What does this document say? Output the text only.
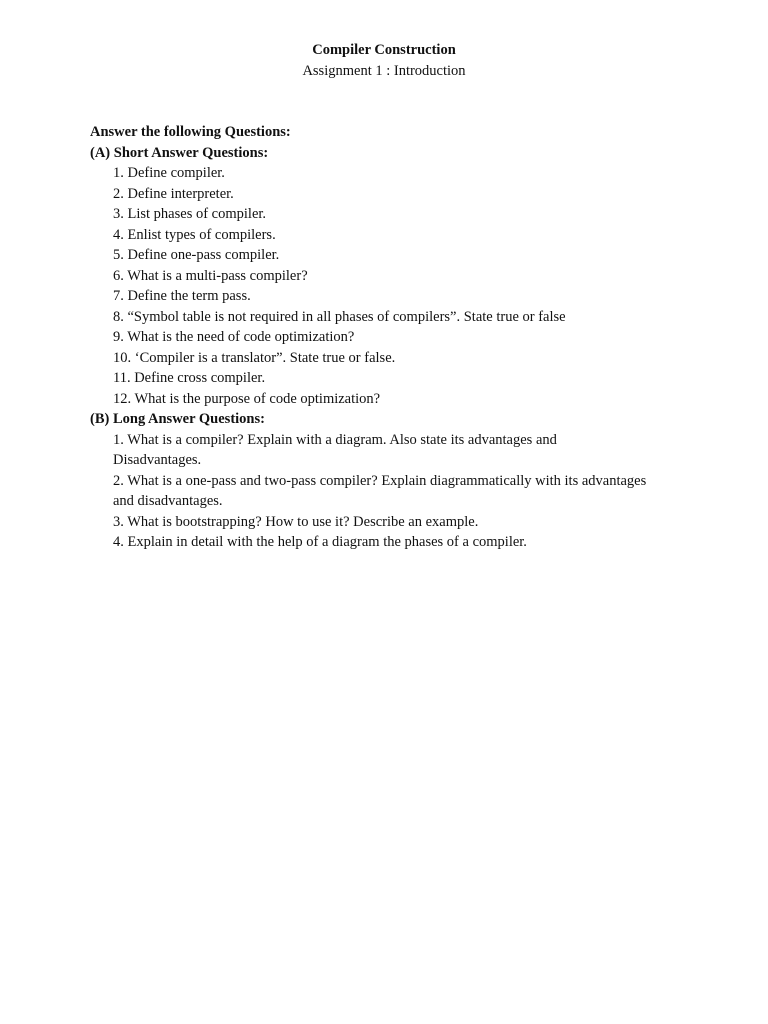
Compiler Construction
Assignment 1 : Introduction
Answer the following Questions:
(A) Short Answer Questions:
1. Define compiler.
2. Define interpreter.
3. List phases of compiler.
4. Enlist types of compilers.
5. Define one-pass compiler.
6. What is a multi-pass compiler?
7. Define the term pass.
8. “Symbol table is not required in all phases of compilers”. State true or false
9. What is the need of code optimization?
10. ‘Compiler is a translator”. State true or false.
11. Define cross compiler.
12. What is the purpose of code optimization?
(B) Long Answer Questions:
1. What is a compiler? Explain with a diagram. Also state its advantages and
Disadvantages.
2. What is a one-pass and two-pass compiler? Explain diagrammatically with its advantages
and disadvantages.
3. What is bootstrapping? How to use it? Describe an example.
4. Explain in detail with the help of a diagram the phases of a compiler.
